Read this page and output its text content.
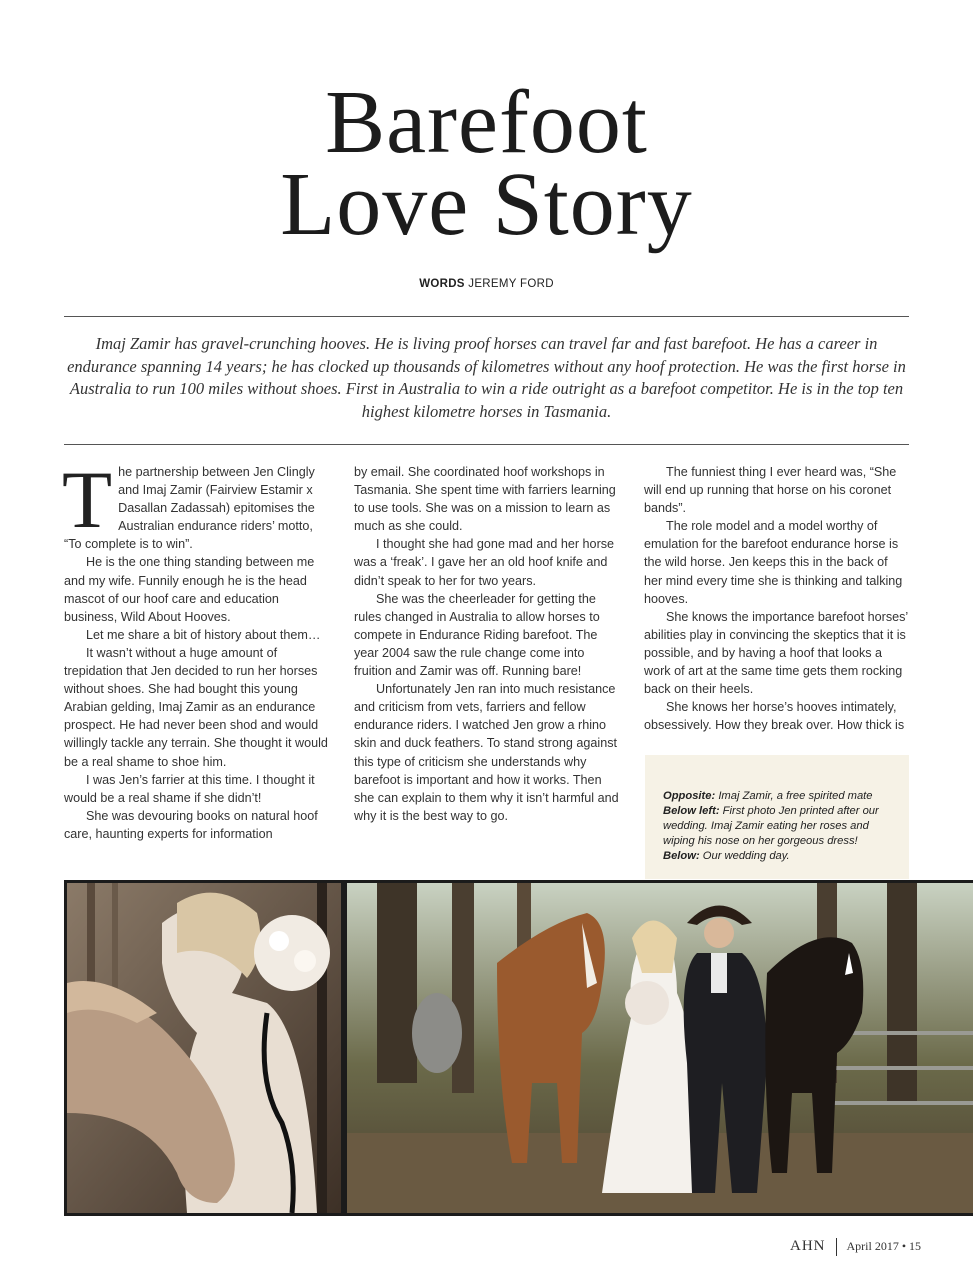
Barefoot
Love Story
WORDS JEREMY FORD
Imaj Zamir has gravel-crunching hooves. He is living proof horses can travel far and fast barefoot. He has a career in endurance spanning 14 years; he has clocked up thousands of kilometres without any hoof protection. He was the first horse in Australia to run 100 miles without shoes. First in Australia to win a ride outright as a barefoot competitor. He is in the top ten highest kilometre horses in Tasmania.

The partnership between Jen Clingly and Imaj Zamir (Fairview Estamir x Dasallan Zadassah) epitomises the Australian endurance riders’ motto, “To complete is to win”.

He is the one thing standing between me and my wife. Funnily enough he is the head mascot of our hoof care and education business, Wild About Hooves.

Let me share a bit of history about them…

It wasn’t without a huge amount of trepidation that Jen decided to run her horses without shoes. She had bought this young Arabian gelding, Imaj Zamir as an endurance prospect. He had never been shod and would willingly tackle any terrain. She thought it would be a real shame to shoe him.

I was Jen’s farrier at this time. I thought it would be a real shame if she didn’t!

She was devouring books on natural hoof care, haunting experts for information

by email. She coordinated hoof workshops in Tasmania. She spent time with farriers learning to use tools. She was on a mission to learn as much as she could.

I thought she had gone mad and her horse was a ‘freak’. I gave her an old hoof knife and didn’t speak to her for two years.

She was the cheerleader for getting the rules changed in Australia to allow horses to compete in Endurance Riding barefoot. The year 2004 saw the rule change come into fruition and Zamir was off. Running bare!

Unfortunately Jen ran into much resistance and criticism from vets, farriers and fellow endurance riders. I watched Jen grow a rhino skin and duck feathers. To stand strong against this type of criticism she understands why barefoot is important and how it works. Then she can explain to them why it isn’t harmful and why it is the best way to go.

The funniest thing I ever heard was, “She will end up running that horse on his coronet bands”.

The role model and a model worthy of emulation for the barefoot endurance horse is the wild horse. Jen keeps this in the back of her mind every time she is thinking and talking hooves.

She knows the importance barefoot horses’ abilities play in convincing the skeptics that it is possible, and by having a hoof that looks a work of art at the same time gets them rocking back on their heels.

She knows her horse’s hooves intimately, obsessively. How they break over. How thick is

Opposite: Imaj Zamir, a free spirited mate

Below left: First photo Jen printed after our wedding. Imaj Zamir eating her roses and wiping his nose on her gorgeous dress!

Below: Our wedding day.

AHN April 2017 • 15
